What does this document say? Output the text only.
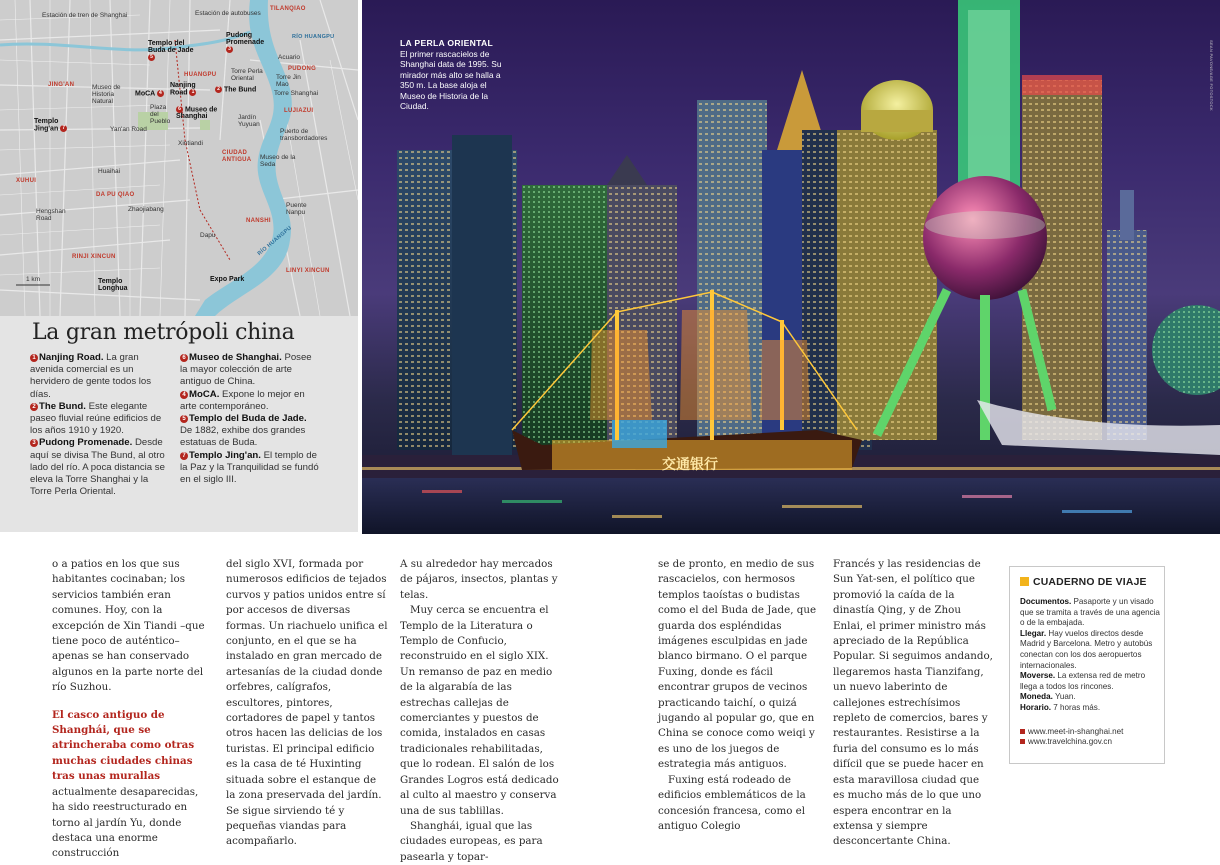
Estación de tren de Shanghai	Estación de autobuses
Templo del Buda de Jade 5
Pudong Promenade 3
MoCA 4
Nanjing Road 1	2 The Bund
6 Museo de Shanghai
Templo Jing'an 7
Museo de Historia Natural
Plaza del Pueblo
Torre Perla Oriental	Torre Jin Mao
Torre Shanghai
Acuario
Jardín Yuyuan
Puerto de transbordadores
Museo de la Seda
Puente Nanpu
Templo Longhua
Expo Park
Hengshan Road
Xintiandi
Huaihai
Yan'an Road
Dapu
Zhaojiabang
JING'AN
HUANGPU
CIUDAD ANTIGUA
DA PU QIAO
NANSHI
XUHUI
PUDONG
LUJIAZUI
RINJI XINCUN
LINYI XINCUN
TILANQIAO
RÍO HUANGPU
RÍO HUANGPU
1 km
La gran metrópoli china

1 Nanjing Road. La gran avenida comercial es un hervidero de gente todos los días.

2 The Bund. Este elegante paseo fluvial reúne edificios de los años 1910 y 1920.

3 Pudong Promenade. Desde aquí se divisa The Bund, al otro lado del río. A poca distancia se eleva la Torre Shanghai y la Torre Perla Oriental.

6 Museo de Shanghai. Posee la mayor colección de arte antiguo de China.

4 MoCA. Expone lo mejor en arte contemporáneo.

5 Templo del Buda de Jade. De 1882, exhibe dos grandes estatuas de Buda.

7 Templo Jing'an. El templo de la Paz y la Tranquilidad se fundó en el siglo III.

交通银行
LA PERLA ORIENTAL
El primer rascacielos de Shanghai data de 1995. Su mirador más alto se halla a 350 m. La base aloja el Museo de Historia de la Ciudad.	SEAN PAVONE/AGE FOTOSTOCK

o a patios en los que sus habitantes cocinaban; los servicios también eran comunes. Hoy, con la excepción de Xin Tiandi –que tiene poco de auténtico– apenas se han conservado algunos en la parte norte del río Suzhou.

El casco antiguo de Shanghái, que se atrincheraba como otras muchas ciudades chinas tras unas murallas actualmente desaparecidas, ha sido reestructurado en torno al jardín Yu, donde destaca una enorme construcción

del siglo XVI, formada por numerosos edificios de tejados curvos y patios unidos entre sí por accesos de diversas formas. Un riachuelo unifica el conjunto, en el que se ha instalado en gran mercado de artesanías de la ciudad donde orfebres, calígrafos, escultores, pintores, cortadores de papel y tantos otros hacen las delicias de los turistas. El principal edificio es la casa de té Huxinting situada sobre el estanque de la zona preservada del jardín. Se sigue sirviendo té y pequeñas viandas para acompañarlo.

A su alrededor hay mercados de pájaros, insectos, plantas y telas.

Muy cerca se encuentra el Templo de la Literatura o Templo de Confucio, reconstruido en el siglo XIX. Un remanso de paz en medio de la algarabía de las estrechas callejas de comerciantes y puestos de comida, instalados en casas tradicionales rehabilitadas, que lo rodean. El salón de los Grandes Logros está dedicado al culto al maestro y conserva una de sus tablillas.

Shanghái, igual que las ciudades europeas, es para pasearla y topar-

se de pronto, en medio de sus rascacielos, con hermosos templos taoístas o budistas como el del Buda de Jade, que guarda dos espléndidas imágenes esculpidas en jade blanco birmano. O el parque Fuxing, donde es fácil encontrar grupos de vecinos practicando taichí, o quizá jugando al popular go, que en China se conoce como weiqi y es uno de los juegos de estrategia más antiguos.

Fuxing está rodeado de edificios emblemáticos de la concesión francesa, como el antiguo Colegio

Francés y las residencias de Sun Yat-sen, el político que promovió la caída de la dinastía Qing, y de Zhou Enlai, el primer ministro más apreciado de la República Popular. Si seguimos andando, llegaremos hasta Tianzifang, un nuevo laberinto de callejones estrechísimos repleto de comercios, bares y restaurantes. Resistirse a la furia del consumo es lo más difícil que se puede hacer en esta maravillosa ciudad que es mucho más de lo que uno espera encontrar en la extensa y siempre desconcertante China.

CUADERNO DE VIAJE

Documentos. Pasaporte y un visado que se tramita a través de una agencia o de la embajada.

Llegar. Hay vuelos directos desde Madrid y Barcelona. Metro y autobús conectan con los dos aeropuertos internacionales.

Moverse. La extensa red de metro llega a todos los rincones.

Moneda. Yuan.

Horario. 7 horas más.

www.meet-in-shanghai.net

www.travelchina.gov.cn
